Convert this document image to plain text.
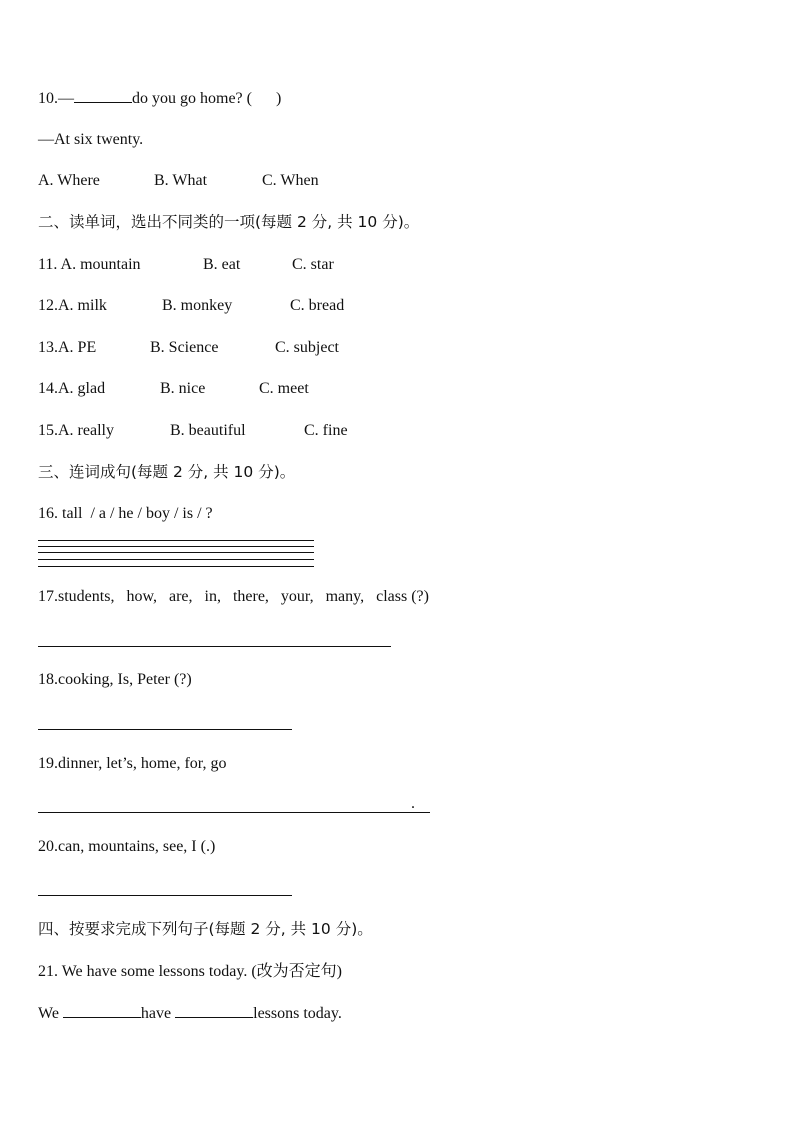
10.—	do you go home? (      )
—At six twenty.
A. Where	B. What	C. When
二、读单词，选出不同类的一项(每题 2 分, 共 10 分)。
11. A. mountain	B. eat	C. star
12.A. milk	B. monkey	C. bread
13.A. PE	B. Science	C. subject
14.A. glad	B. nice	C. meet
15.A. really	B. beautiful	C. fine
三、连词成句(每题 2 分, 共 10 分)。
16. tall  / a / he / boy / is / ?
17.students,   how,   are,   in,   there,   your,   many,   class (?)
18.cooking, Is, Peter (?)
19.dinner, let’s, home, for, go
.
20.can, mountains, see, I (.)
四、按要求完成下列句子(每题 2 分, 共 10 分)。
21. We have some lessons today. (改为否定句)
We	have	lessons today.
